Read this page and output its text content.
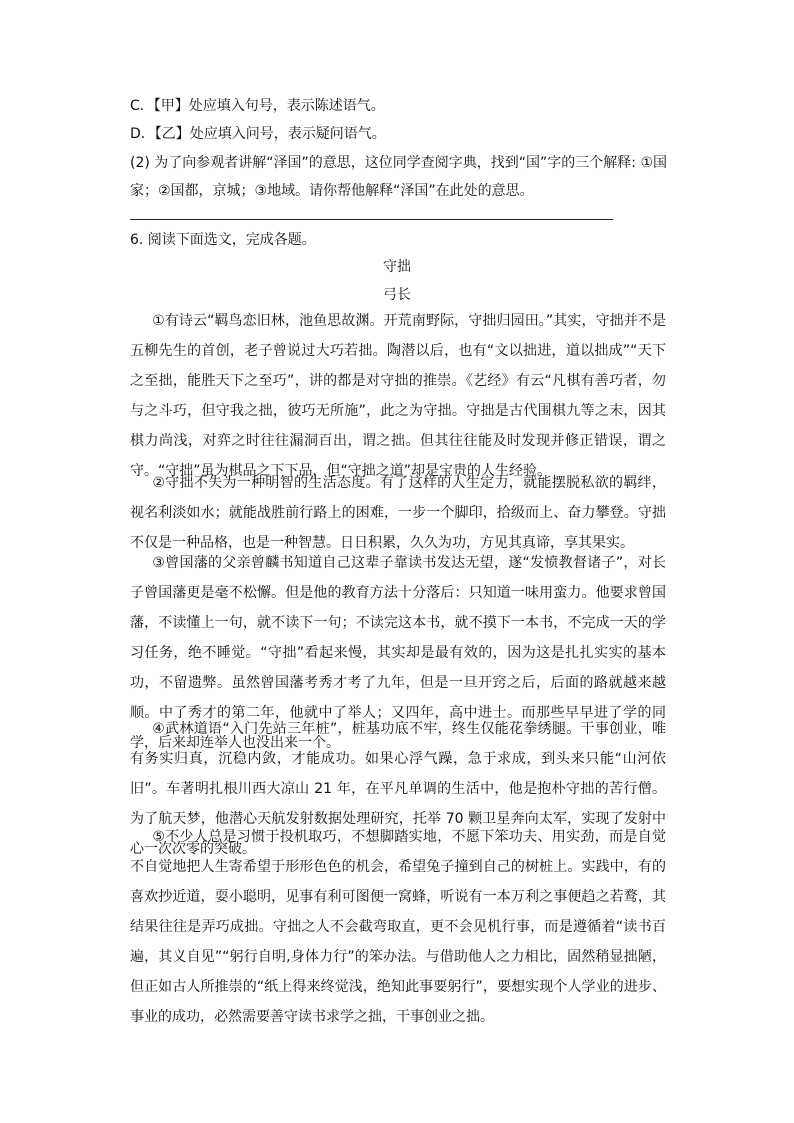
C．【甲】处应填入句号，表示陈述语气。
D．【乙】处应填入问号，表示疑问语气。
(2) 为了向参观者讲解“泽国”的意思，这位同学查阅字典，找到“国”字的三个解释: ①国
家；②国都，京城；③地域。请你帮他解释“泽国”在此处的意思。
6. 阅读下面选文，完成各题。
守拙
弓长
①有诗云“羁鸟恋旧林，池鱼思故渊。开荒南野际，守拙归园田。”其实，守拙并不是五柳先生的首创，老子曾说过大巧若拙。陶潜以后，也有“文以拙进，道以拙成”“天下之至拙，能胜天下之至巧”，讲的都是对守拙的推崇。《艺经》有云“凡棋有善巧者，勿与之斗巧，但守我之拙，彼巧无所施”，此之为守拙。守拙是古代围棋九等之末，因其棋力尚浅，对弈之时往往漏洞百出，谓之拙。但其往往能及时发现并修正错误，谓之守。“守拙”虽为棋品之下下品，但“守拙之道”却是宝贵的人生经验。
②守拙不失为一种明智的生活态度。有了这样的人生定力，就能摆脱私欲的羁绊，视名利淡如水；就能战胜前行路上的困难，一步一个脚印，拾级而上、奋力攀登。守拙不仅是一种品格，也是一种智慧。日日积累，久久为功，方见其真谛，享其果实。
③曾国藩的父亲曾麟书知道自己这辈子靠读书发达无望，遂“发愤教督诸子”，对长子曾国藩更是毫不松懈。但是他的教育方法十分落后：只知道一味用蛮力。他要求曾国藩，不读懂上一句，就不读下一句；不读完这本书，就不摸下一本书，不完成一天的学习任务，绝不睡觉。“守拙”看起来慢，其实却是最有效的，因为这是扎扎实实的基本功，不留遗弊。虽然曾国藩考秀才考了九年，但是一旦开窍之后，后面的路就越来越顺。中了秀才的第二年，他就中了举人；又四年，高中进士。而那些早早进了学的同学，后来却连举人也没出来一个。
④武林道语“入门先站三年桩”，桩基功底不牢，终生仅能花拳绣腿。干事创业，唯有务实归真，沉稳内敛，才能成功。如果心浮气躁，急于求成，到头来只能“山河依旧”。车著明扎根川西大凉山 21 年，在平凡单调的生活中，他是抱朴守拙的苦行僧。为了航天梦，他潜心天航发射数据处理研究，托举 70 颗卫星奔向太军，实现了发射中心一次次零的突破。
⑤不少人总是习惯于投机取巧，不想脚踏实地，不愿下笨功夫、用实劲，而是自觉不自觉地把人生寄希望于形形色色的机会，希望兔子撞到自己的树桩上。实践中，有的喜欢抄近道，耍小聪明，见事有利可图便一窝蜂，听说有一本万利之事便趋之若鹜，其结果往往是弄巧成拙。守拙之人不会截弯取直，更不会见机行事，而是遵循着“读书百遍，其义自见”“躬行自明,身体力行”的笨办法。与借助他人之力相比，固然稍显拙陋，但正如古人所推崇的“纸上得来终觉浅，绝知此事要躬行”，要想实现个人学业的进步、事业的成功，必然需要善守读书求学之拙，干事创业之拙。
